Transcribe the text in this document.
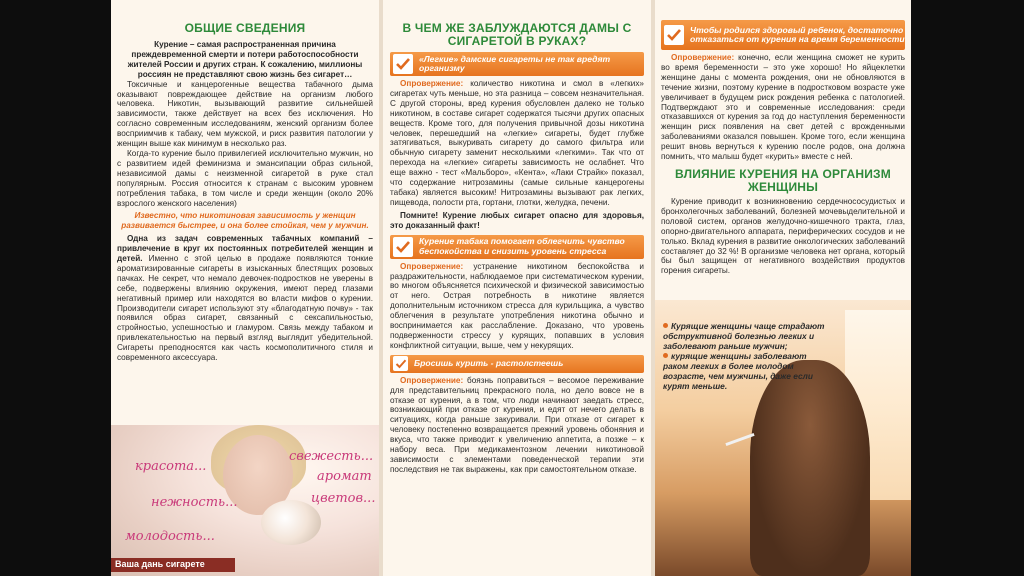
ОБЩИЕ СВЕДЕНИЯ

Курение – самая распространенная причина преждевременной смерти и потери работоспособности жителей России и других стран. К сожалению, миллионы россиян не представляют свою жизнь без сигарет…

Токсичные и канцерогенные вещества табачного дыма оказывают повреждающее действие на организм любого человека. Никотин, вызывающий развитие сильнейшей зависимости, также действует на всех без исключения. Но согласно современным исследованиям, женский организм более восприимчив к табаку, чем мужской, и риск развития патологии у женщин выше как минимум в несколько раз.

Когда-то курение было привилегией исключительно мужчин, но с развитием идей феминизма и эмансипации образ сильной, независимой дамы с неизменной сигаретой в руке стал популярным. Россия относится к странам с высоким уровнем потребления табака, в том числе и среди женщин (около 20% взрослого женского населения)

Известно, что никотиновая зависимость у женщин развивается быстрее, и она более стойкая, чем у мужчин.

Одна из задач современных табачных компаний – привлечение в круг их постоянных потребителей женщин и детей. Именно с этой целью в продаже появляются тонкие ароматизированные сигареты в изысканных блестящих розовых пачках. Не секрет, что немало девочек-подростков не уверены в себе, подвержены влиянию окружения, имеют перед глазами негативный пример или находятся во власти мифов о курении. Производители сигарет используют эту «благодатную почву» - так появился образ сигарет, связанный с сексапильностью, стройностью, успешностью и гламуром. Связь между табаком и привлекательностью на первый взгляд выглядит убедительной. Сигареты преподносятся как часть космополитичного стиля и современного аксессуара.

красота...
свежесть...
аромат
нежность...	цветов...
молодость...
Ваша дань сигарете
В ЧЕМ ЖЕ ЗАБЛУЖДАЮТСЯ ДАМЫ С СИГАРЕТОЙ В РУКАХ?
«Легкие» дамские сигареты не так вредят организму

Опровержение: количество никотина и смол в «легких» сигаретах чуть меньше, но эта разница – совсем незначительная. С другой стороны, вред курения обусловлен далеко не только никотином, в составе сигарет содержатся тысячи других опасных веществ. Кроме того, для получения привычной дозы никотина человек, перешедший на «легкие» сигареты, будет глубже затягиваться, выкуривать сигарету до самого фильтра или обычную сигарету заменит несколькими «легкими». Так что от перехода на «легкие» сигареты зависимость не ослабнет. Что еще важно - тест «Мальборо», «Кента», «Лаки Страйк» показал, что содержание нитрозамины (самые сильные канцерогены табака) является высоким! Нитрозамины вызывают рак легких, пищевода, полости рта, гортани, глотки, желудка, печени.

Помните! Курение любых сигарет опасно для здоровья, это доказанный факт!

Курение табака помогает облегчить чувство беспокойства и снизить уровень стресса

Опровержение: устранение никотином беспокойства и раздражительности, наблюдаемое при систематическом курении, во многом объясняется психической и физической зависимостью от него. Острая потребность в никотине является дополнительным источником стресса для курильщика, а чувство облегчения в результате употребления никотина обычно и воспринимается как расслабление. Доказано, что уровень подверженности стрессу у курящих, попавших в условия конфликтной ситуации, выше, чем у некурящих.

Бросишь курить - растолстеешь

Опровержение: боязнь поправиться – весомое переживание для представительниц прекрасного пола, но дело вовсе не в отказе от курения, а в том, что люди начинают заедать стресс, возникающий при отказе от курения, и едят от нечего делать в ситуациях, когда раньше закуривали. При отказе от сигарет к человеку постепенно возвращается прежний уровень обоняния и вкуса, что также приводит к увеличению аппетита, а позже – к набору веса. При медикаментозном лечении никотиновой зависимости с элементами поведенческой терапии эти последствия не так выражены, как при самостоятельном отказе.

Чтобы родился здоровый ребенок, достаточно отказаться от курения на время беременности

Опровержение: конечно, если женщина сможет не курить во время беременности – это уже хорошо! Но яйцеклетки женщине даны с момента рождения, они не обновляются в течение жизни, поэтому курение в подростковом возрасте уже увеличивает в будущем риск рождения ребенка с патологией. Подтверждают это и современные исследования: среди отказавшихся от курения за год до наступления беременности женщин риск появления на свет детей с врожденными заболеваниями оказался повышен. Кроме того, если женщина решит вновь вернуться к курению после родов, она должна помнить, что малыш будет «курить» вместе с ней.

ВЛИЯНИЕ КУРЕНИЯ НА ОРГАНИЗМ ЖЕНЩИНЫ

Курение приводит к возникновению сердечнососудистых и бронхолегочных заболеваний, болезней мочевыделительной и половой систем, органов желудочно-кишечного тракта, глаз, опорно-двигательного аппарата, периферических сосудов и не только. Вклад курения в развитие онкологических заболеваний составляет до 32 %! В организме человека нет органа, который бы был защищен от негативного воздействия продуктов горения сигареты.

Курящие женщины чаще страдают обструктивной болезнью легких и заболевают раньше мужчин;
курящие женщины заболевают раком легких в более молодом возрасте, чем мужчины, даже если курят меньше.
